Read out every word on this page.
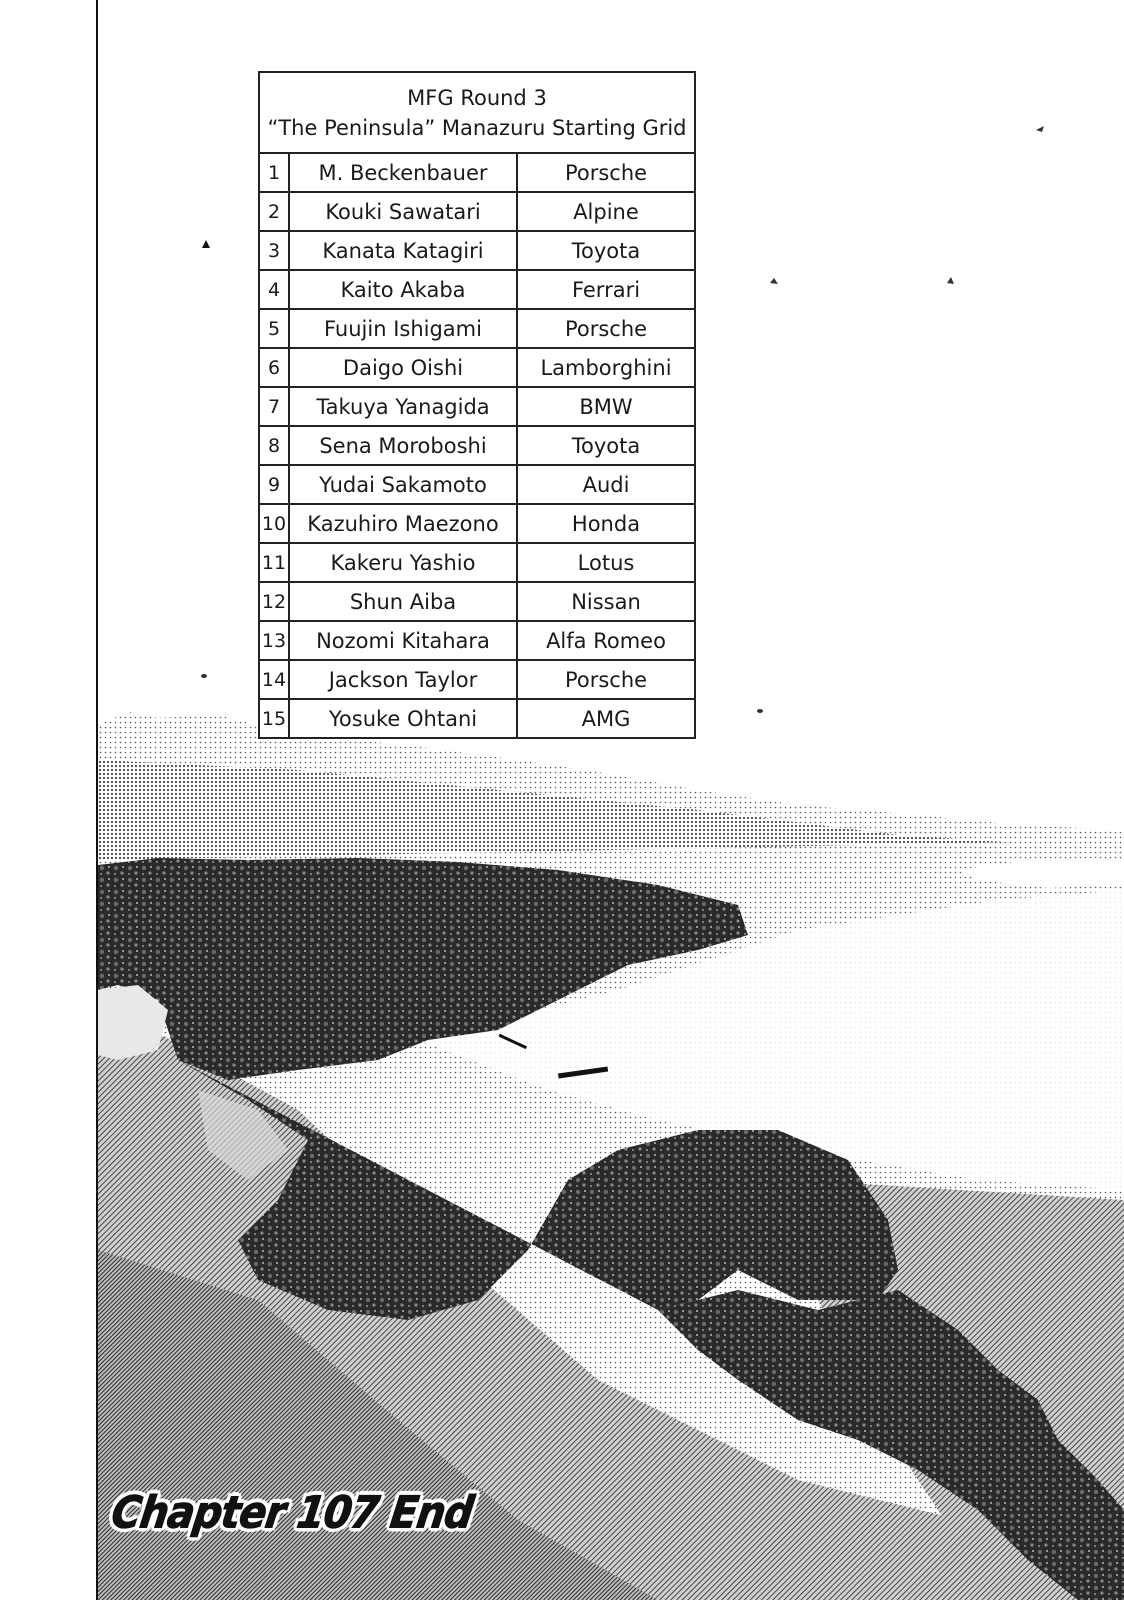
MFG Round 3
“The Peninsula” Manazuru Starting Grid		

1	M. Beckenbauer	Porsche
2	Kouki Sawatari	Alpine
3	Kanata Katagiri	Toyota
4	Kaito Akaba	Ferrari
5	Fuujin Ishigami	Porsche
6	Daigo Oishi	Lamborghini
7	Takuya Yanagida	BMW
8	Sena Moroboshi	Toyota
9	Yudai Sakamoto	Audi
10	Kazuhiro Maezono	Honda
11	Kakeru Yashio	Lotus
12	Shun Aiba	Nissan
13	Nozomi Kitahara	Alfa Romeo
14	Jackson Taylor	Porsche
15	Yosuke Ohtani	AMG
Chapter 107 End
